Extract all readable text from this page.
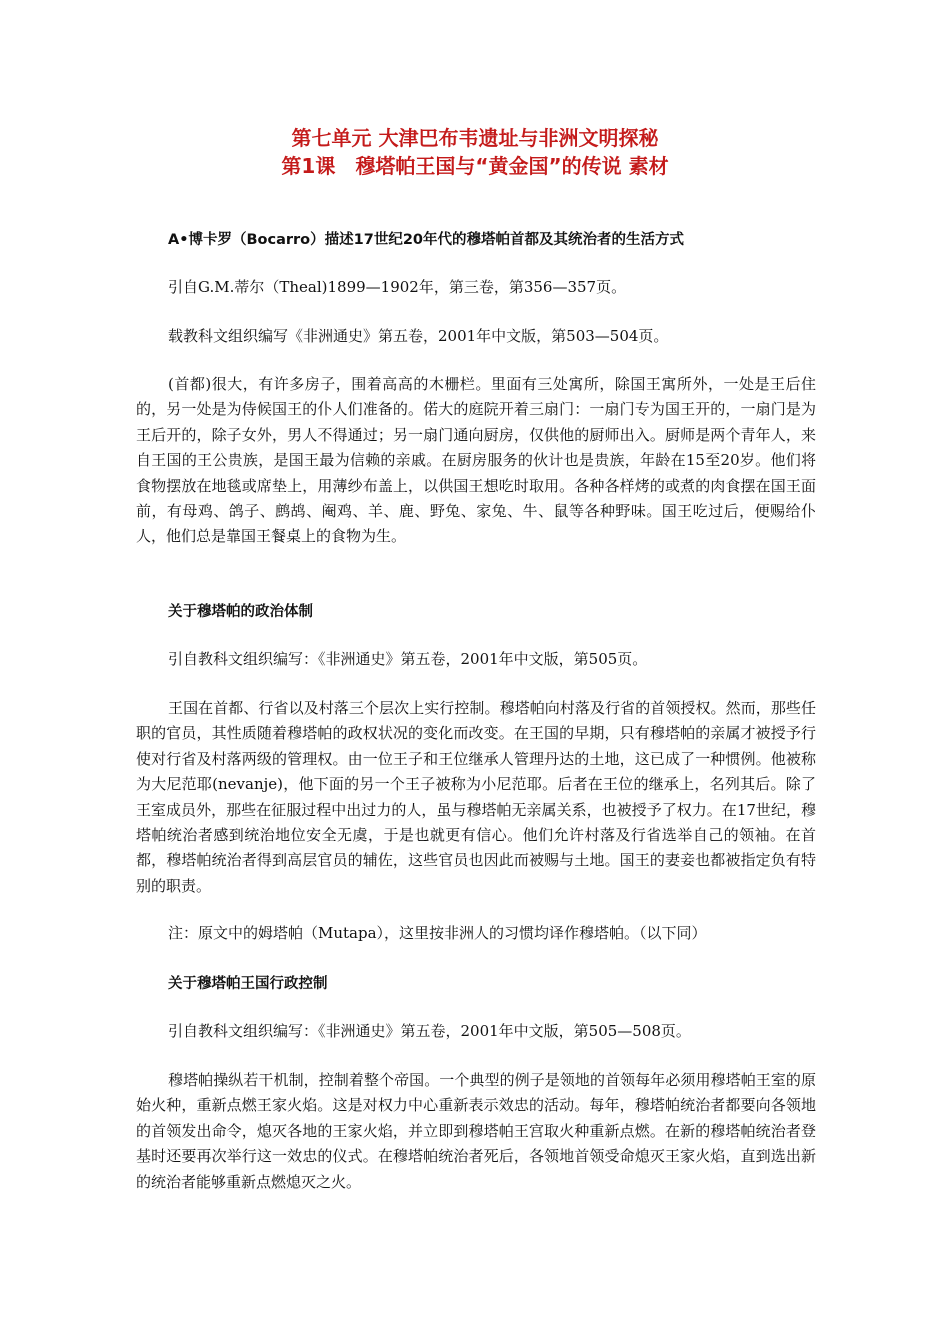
第七单元 大津巴布韦遗址与非洲文明探秘
第1课　穆塔帕王国与“黄金国”的传说 素材
A•博卡罗（Bocarro）描述17世纪20年代的穆塔帕首都及其统治者的生活方式
引自G.M.蒂尔（Theal)1899—1902年，第三卷，第356—357页。
载教科文组织编写《非洲通史》第五卷，2001年中文版，第503—504页。

(首都)很大，有许多房子，围着高高的木栅栏。里面有三处寓所，除国王寓所外，一处是王后住的，另一处是为侍候国王的仆人们准备的。偌大的庭院开着三扇门：一扇门专为国王开的，一扇门是为王后开的，除子女外，男人不得通过；另一扇门通向厨房，仅供他的厨师出入。厨师是两个青年人，来自王国的王公贵族，是国王最为信赖的亲戚。在厨房服务的伙计也是贵族，年龄在15至20岁。他们将食物摆放在地毯或席垫上，用薄纱布盖上，以供国王想吃时取用。各种各样烤的或煮的肉食摆在国王面前，有母鸡、鸽子、鹧鸪、阉鸡、羊、鹿、野兔、家兔、牛、鼠等各种野味。国王吃过后，便赐给仆人，他们总是靠国王餐桌上的食物为生。

关于穆塔帕的政治体制
引自教科文组织编写：《非洲通史》第五卷，2001年中文版，第505页。

王国在首都、行省以及村落三个层次上实行控制。穆塔帕向村落及行省的首领授权。然而，那些任职的官员，其性质随着穆塔帕的政权状况的变化而改变。在王国的早期，只有穆塔帕的亲属才被授予行使对行省及村落两级的管理权。由一位王子和王位继承人管理丹达的土地，这已成了一种惯例。他被称为大尼范耶(nevanje)，他下面的另一个王子被称为小尼范耶。后者在王位的继承上，名列其后。除了王室成员外，那些在征服过程中出过力的人，虽与穆塔帕无亲属关系，也被授予了权力。在17世纪，穆塔帕统治者感到统治地位安全无虞，于是也就更有信心。他们允许村落及行省选举自己的领袖。在首都，穆塔帕统治者得到高层官员的辅佐，这些官员也因此而被赐与土地。国王的妻妾也都被指定负有特别的职责。

注：原文中的姆塔帕（Mutapa），这里按非洲人的习惯均译作穆塔帕。（以下同）
关于穆塔帕王国行政控制
引自教科文组织编写：《非洲通史》第五卷，2001年中文版，第505—508页。

穆塔帕操纵若干机制，控制着整个帝国。一个典型的例子是领地的首领每年必须用穆塔帕王室的原始火种，重新点燃王家火焰。这是对权力中心重新表示效忠的活动。每年，穆塔帕统治者都要向各领地的首领发出命令，熄灭各地的王家火焰，并立即到穆塔帕王宫取火种重新点燃。在新的穆塔帕统治者登基时还要再次举行这一效忠的仪式。在穆塔帕统治者死后，各领地首领受命熄灭王家火焰，直到选出新的统治者能够重新点燃熄灭之火。
